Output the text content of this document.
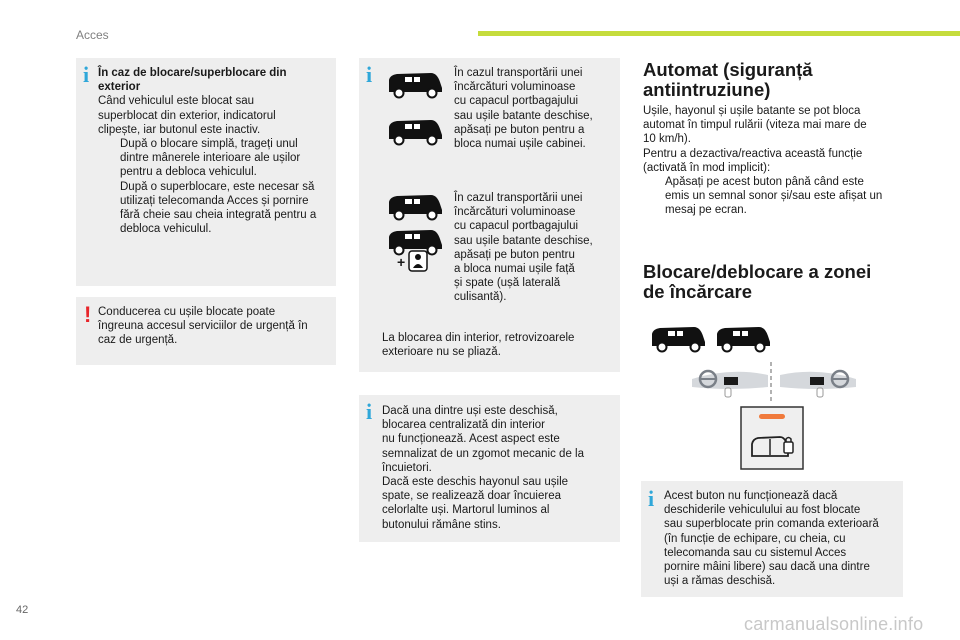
Acces
i În caz de blocare/superblocare din
exterior
Când vehiculul este blocat sau
superblocat din exterior, indicatorul
clipește, iar butonul este inactiv.
După o blocare simplă, trageți unul
dintre mânerele interioare ale ușilor
pentru a debloca vehiculul.
După o superblocare, este necesar să
utilizați telecomanda Acces și pornire
fără cheie sau cheia integrată pentru a
debloca vehiculul.
! Conducerea cu ușile blocate poate
îngreuna accesul serviciilor de urgență în
caz de urgență.
i
+
În cazul transportării unei
încărcături voluminoase
cu capacul portbagajului
sau ușile batante deschise,
apăsați pe buton pentru a
bloca numai ușile cabinei.
În cazul transportării unei
încărcături voluminoase
cu capacul portbagajului
sau ușile batante deschise,
apăsați pe buton pentru
a bloca numai ușile față
și spate (ușă laterală
culisantă).
La blocarea din interior, retrovizoarele
exterioare nu se pliază.
i Dacă una dintre uși este deschisă,
blocarea centralizată din interior
nu funcționează. Acest aspect este
semnalizat de un zgomot mecanic de la
încuietori.
Dacă este deschis hayonul sau ușile
spate, se realizează doar încuierea
celorlalte uși. Martorul luminos al
butonului rămâne stins.
Automat (siguranță
antiintruziune)
Ușile, hayonul și ușile batante se pot bloca
automat în timpul rulării (viteza mai mare de
10 km/h).
Pentru a dezactiva/reactiva această funcție
(activată în mod implicit):
Apăsați pe acest buton până când este
emis un semnal sonor și/sau este afișat un
mesaj pe ecran.
Blocare/deblocare a zonei
de încărcare
i Acest buton nu funcționează dacă
deschiderile vehiculului au fost blocate
sau superblocate prin comanda exterioară
(în funcție de echipare, cu cheia, cu
telecomanda sau cu sistemul Acces
pornire mâini libere) sau dacă una dintre
uși a rămas deschisă.
42
carmanualsonline.info
